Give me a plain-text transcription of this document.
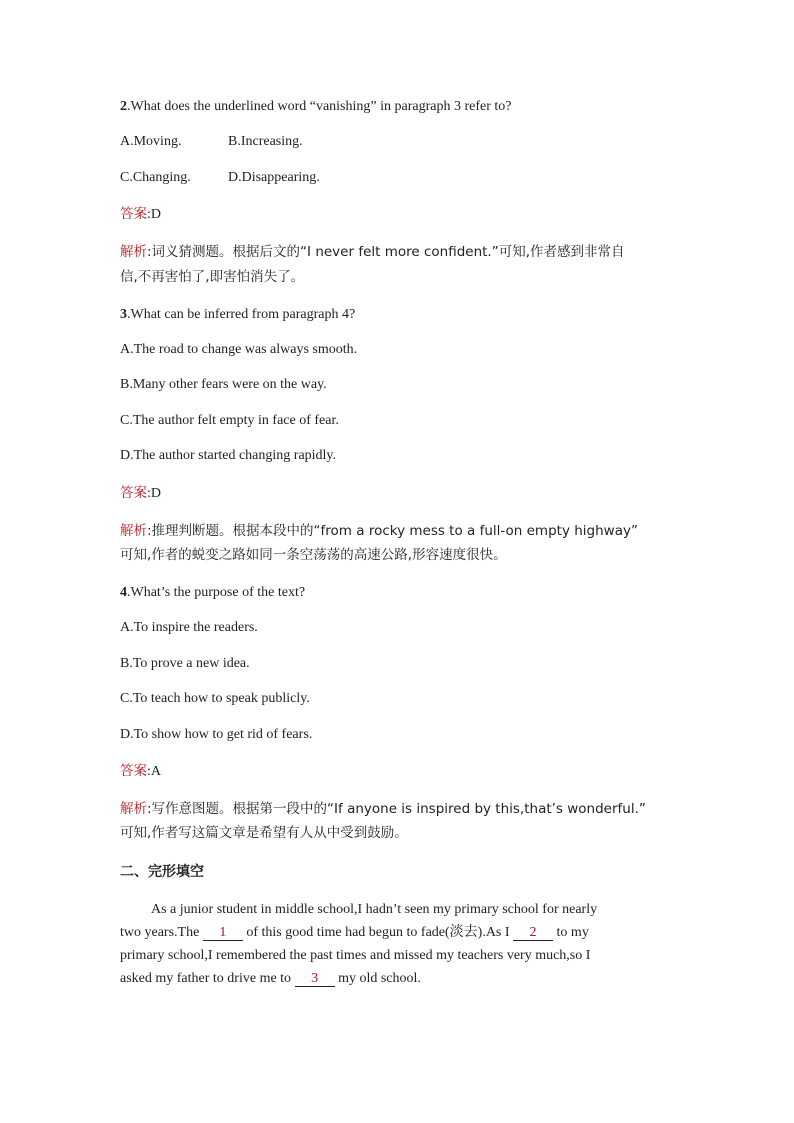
2.What does the underlined word “vanishing” in paragraph 3 refer to?
A.Moving.	B.Increasing.
C.Changing.	D.Disappearing.
答案:D
解析:词义猜测题。根据后文的“I never felt more confident.”可知,作者感到非常自
信,不再害怕了,即害怕消失了。
3.What can be inferred from paragraph 4?
A.The road to change was always smooth.
B.Many other fears were on the way.
C.The author felt empty in face of fear.
D.The author started changing rapidly.
答案:D
解析:推理判断题。根据本段中的“from a rocky mess to a full-on empty highway”
可知,作者的蜕变之路如同一条空荡荡的高速公路,形容速度很快。
4.What’s the purpose of the text?
A.To inspire the readers.
B.To prove a new idea.
C.To teach how to speak publicly.
D.To show how to get rid of fears.
答案:A
解析:写作意图题。根据第一段中的“If anyone is inspired by this,that’s wonderful.”
可知,作者写这篇文章是希望有人从中受到鼓励。
二、完形填空
As a junior student in middle school,I hadn’t seen my primary school for nearly
two years.The 1 of this good time had begun to fade(淡去).As I 2 to my
primary school,I remembered the past times and missed my teachers very much,so I
asked my father to drive me to 3 my old school.
